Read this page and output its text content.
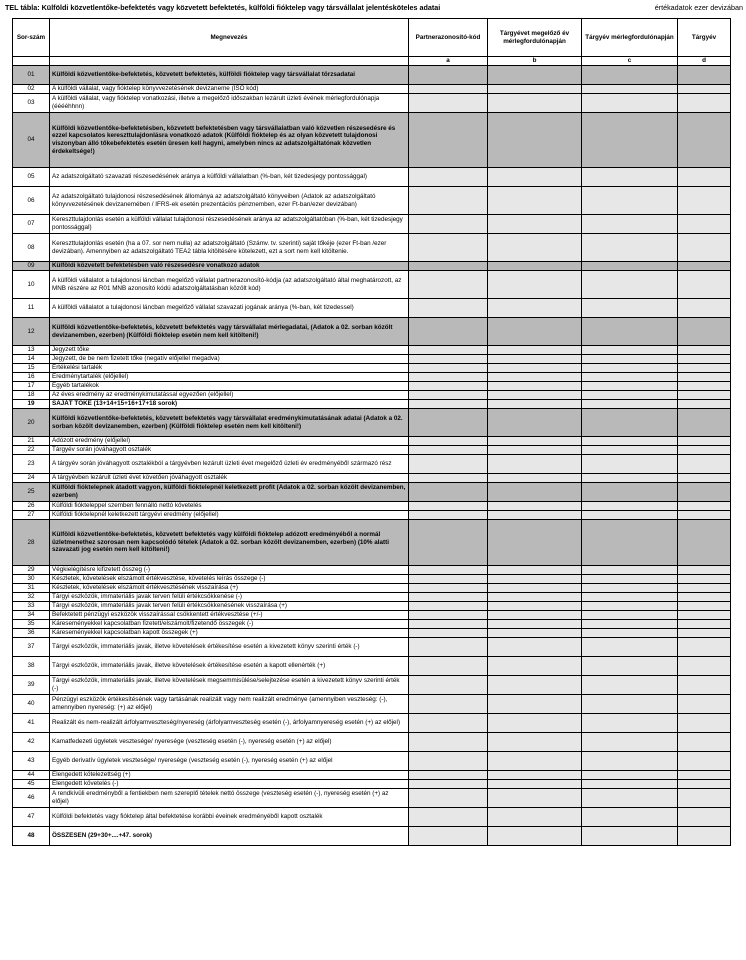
TEL tábla: Külföldi közvetlentőke-befektetés vagy közvetett befektetés, külföldi fióktelep vagy társvállalat jelentésköteles adatai	értékadatok ezer devizában
Sor-szám	Megnevezés	Partnerazonosító-kód	Tárgyévet megelőző év mérlegfordulónapján	Tárgyév mérlegfordulónapján	Tárgyév
		a	b	c	d
01	Külföldi közvetlentőke-befektetés, közvetett befektetés, külföldi fióktelep vagy társvállalat törzsadatai				
02	A külföldi vállalat, vagy fióktelep könyvvezetésének devizaneme (ISO kód)				
03	A külföldi vállalat, vagy fióktelep vonatkozási, illetve a megelőző időszakban lezárult üzleti évének mérlegfordulónapja (ééééhhnn)				
04	Külföldi közvetlentőke-befektetésben, közvetett befektetésben vagy társvállalatban való közvetlen részesedésre és ezzel kapcsolatos kereszttulajdonlásra vonatkozó adatok (Külföldi fióktelep és az olyan közvetett tulajdonosi viszonyban álló tőkebefektetés esetén üresen kell hagyni, amelyben nincs az adatszolgáltatónak közvetlen érdekeltsége!)				
05	Az adatszolgáltató szavazati részesedésének aránya a külföldi vállalatban (%-ban, két tizedesjegy pontossággal)				
06	Az adatszolgáltató tulajdonosi részesedésének állománya az adatszolgáltató könyveiben (Adatok az adatszolgáltató könyvvezetésének devizanemében / IFRS-ek esetén prezentációs pénznemben, ezer Ft-ban/ezer devizában)				
07	Kereszttulajdonlás esetén a külföldi vállalat tulajdonosi részesedésének aránya az adatszolgáltatóban (%-ban, két tizedesjegy pontossággal)				
08	Kereszttulajdonlás esetén (ha a 07. sor nem nulla) az adatszolgáltató (Számv. tv. szerinti) saját tőkéje (ezer Ft-ban /ezer devizában). Amennyiben az adatszolgáltató TEA2 tábla kitöltésére kötelezett, ezt a sort nem kell kitöltenie.				
09	Külföldi közvetett befektetésben való részesedésre vonatkozó adatok				
10	A külföldi vállalatot a tulajdonosi láncban megelőző vállalat partnerazonosító-kódja (az adatszolgáltató által meghatározott, az MNB részére az R01 MNB azonosító kódú adatszolgáltatásban közölt kód)				
11	A külföldi vállalatot a tulajdonosi láncban megelőző vállalat szavazati jogának aránya (%-ban, két tizedessel)				
12	Külföldi közvetlentőke-befektetés, közvetett befektetés vagy társvállalat mérlegadatai, (Adatok a 02. sorban közölt devizanemben, ezerben) (Külföldi fióktelep esetén nem kell kitölteni!)				
13	Jegyzett tőke				
14	Jegyzett, de be nem fizetett tőke (negatív előjellel megadva)				
15	Értékelési tartalék				
16	Eredménytartalék (előjellel)				
17	Egyéb tartalékok				
18	Az éves eredmény az eredménykimutatással egyezően (előjellel)				
19	SAJÁT TŐKE (13+14+15+16+17+18 sorok)				
20	Külföldi közvetlentőke-befektetés, közvetett befektetés vagy társvállalat eredménykimutatásának adatai (Adatok a 02. sorban közölt devizanemben, ezerben) (Külföldi fióktelep esetén nem kell kitölteni!)				
21	Adózott eredmény (előjellel)				
22	Tárgyév során jóváhagyott osztalék				
23	A tárgyév során jóváhagyott osztalékból a tárgyévben lezárult üzleti évet megelőző üzleti év eredményéből származó rész				
24	A tárgyévben lezárult üzleti évet követően jóváhagyott osztalék				
25	Külföldi fióktelepnek átadott vagyon, külföldi fióktelepnél keletkezett profit (Adatok a 02. sorban közölt devizanemben, ezerben)				
26	Külföldi fiókteleppel szemben fennálló nettó követelés				
27	Külföldi fióktelepnél keletkezett tárgyévi eredmény (előjellel)				
28	Külföldi közvetlentőke-befektetés, közvetett befektetés vagy külföldi fióktelep adózott eredményéből a normál üzletmenethez szorosan nem kapcsolódó tételek (Adatok a 02. sorban közölt devizanemben, ezerben) (10% alatti szavazati jog esetén nem kell kitölteni!)				
29	Végkielégítésre kifizetett összeg (-)				
30	Készletek, követelések elszámolt értékvesztése, követelés leírás összege (-)				
31	Készletek, követelések elszámolt értékvesztésének visszaírása (+)				
32	Tárgyi eszközök, immateriális javak terven felüli értékcsökkenése (-)				
33	Tárgyi eszközök, immateriális javak terven felüli értékcsökkenésének visszaírása (+)				
34	Befektetett pénzügyi eszközök visszaírással csökkentett értékvesztése (+/-)				
35	Káreseményekkel kapcsolatban fizetett/elszámolt/fizetendő összegek (-)				
36	Káreseményekkel kapcsolatban kapott összegek (+)				
37	Tárgyi eszközök, immateriális javak, illetve követelések értékesítése esetén a kivezetett könyv szerinti érték (-)				
38	Tárgyi eszközök, immateriális javak, illetve követelések értékesítése esetén a kapott ellenérték (+)				
39	Tárgyi eszközök, immateriális javak, illetve követelések megsemmisülése/selejtezése esetén a kivezetett könyv szerinti érték (-)				
40	Pénzügyi eszközök értékesítésének vagy tartásának realizált vagy nem realizált eredménye (amennyiben veszteség: (-), amennyiben nyereség: (+) az előjel)				
41	Realizált és nem-realizált árfolyamveszteség/nyereség (árfolyamveszteség esetén (-), árfolyamnyereség esetén (+) az előjel)				
42	Kamatfedezeti ügyletek vesztesége/ nyeresége (veszteség esetén (-), nyereség esetén (+) az előjel)				
43	Egyéb derivatív ügyletek vesztesége/ nyeresége (veszteség esetén (-), nyereség esetén (+) az előjel				
44	Elengedett kötelezettség (+)				
45	Elengedett követelés (-)				
46	A rendkívüli eredményből a fentiekben nem szereplő tételek nettó összege (veszteség esetén (-), nyereség esetén (+) az előjel)				
47	Külföldi befektetés vagy fióktelep által befektetése korábbi éveinek eredményéből kapott osztalék				
48	ÖSSZESEN (29+30+....+47. sorok)				
